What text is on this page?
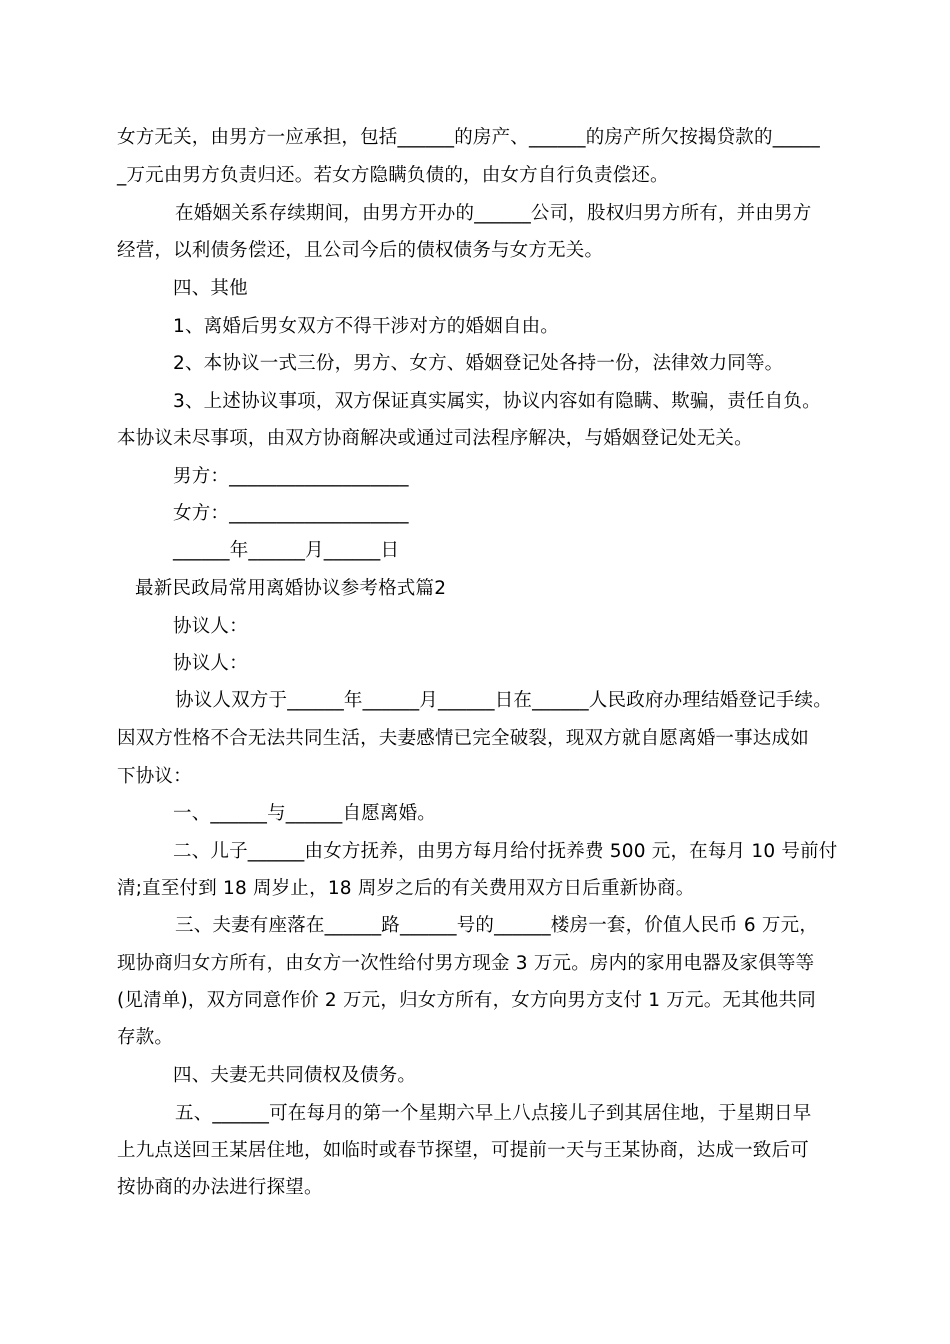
女方无关，由男方一应承担，包括______的房产、______的房产所欠按揭贷款的_____
_万元由男方负责归还。若女方隐瞒负债的，由女方自行负责偿还。
在婚姻关系存续期间，由男方开办的______公司，股权归男方所有，并由男方
经营，以利债务偿还，且公司今后的债权债务与女方无关。
四、其他
1、离婚后男女双方不得干涉对方的婚姻自由。
2、本协议一式三份，男方、女方、婚姻登记处各持一份，法律效力同等。
3、上述协议事项，双方保证真实属实，协议内容如有隐瞒、欺骗，责任自负。
本协议未尽事项，由双方协商解决或通过司法程序解决，与婚姻登记处无关。
男方：___________________
女方：___________________
______年______月______日
最新民政局常用离婚协议参考格式篇2
协议人：
协议人：
协议人双方于______年______月______日在______人民政府办理结婚登记手续。
因双方性格不合无法共同生活，夫妻感情已完全破裂，现双方就自愿离婚一事达成如
下协议：
一、______与______自愿离婚。
二、儿子______由女方抚养，由男方每月给付抚养费 500 元，在每月 10 号前付
清;直至付到 18 周岁止，18 周岁之后的有关费用双方日后重新协商。
三、夫妻有座落在______路______号的______楼房一套，价值人民币 6 万元，
现协商归女方所有，由女方一次性给付男方现金 3 万元。房内的家用电器及家俱等等
(见清单)，双方同意作价 2 万元，归女方所有，女方向男方支付 1 万元。无其他共同
存款。
四、夫妻无共同债权及债务。
五、______可在每月的第一个星期六早上八点接儿子到其居住地，于星期日早
上九点送回王某居住地，如临时或春节探望，可提前一天与王某协商，达成一致后可
按协商的办法进行探望。
